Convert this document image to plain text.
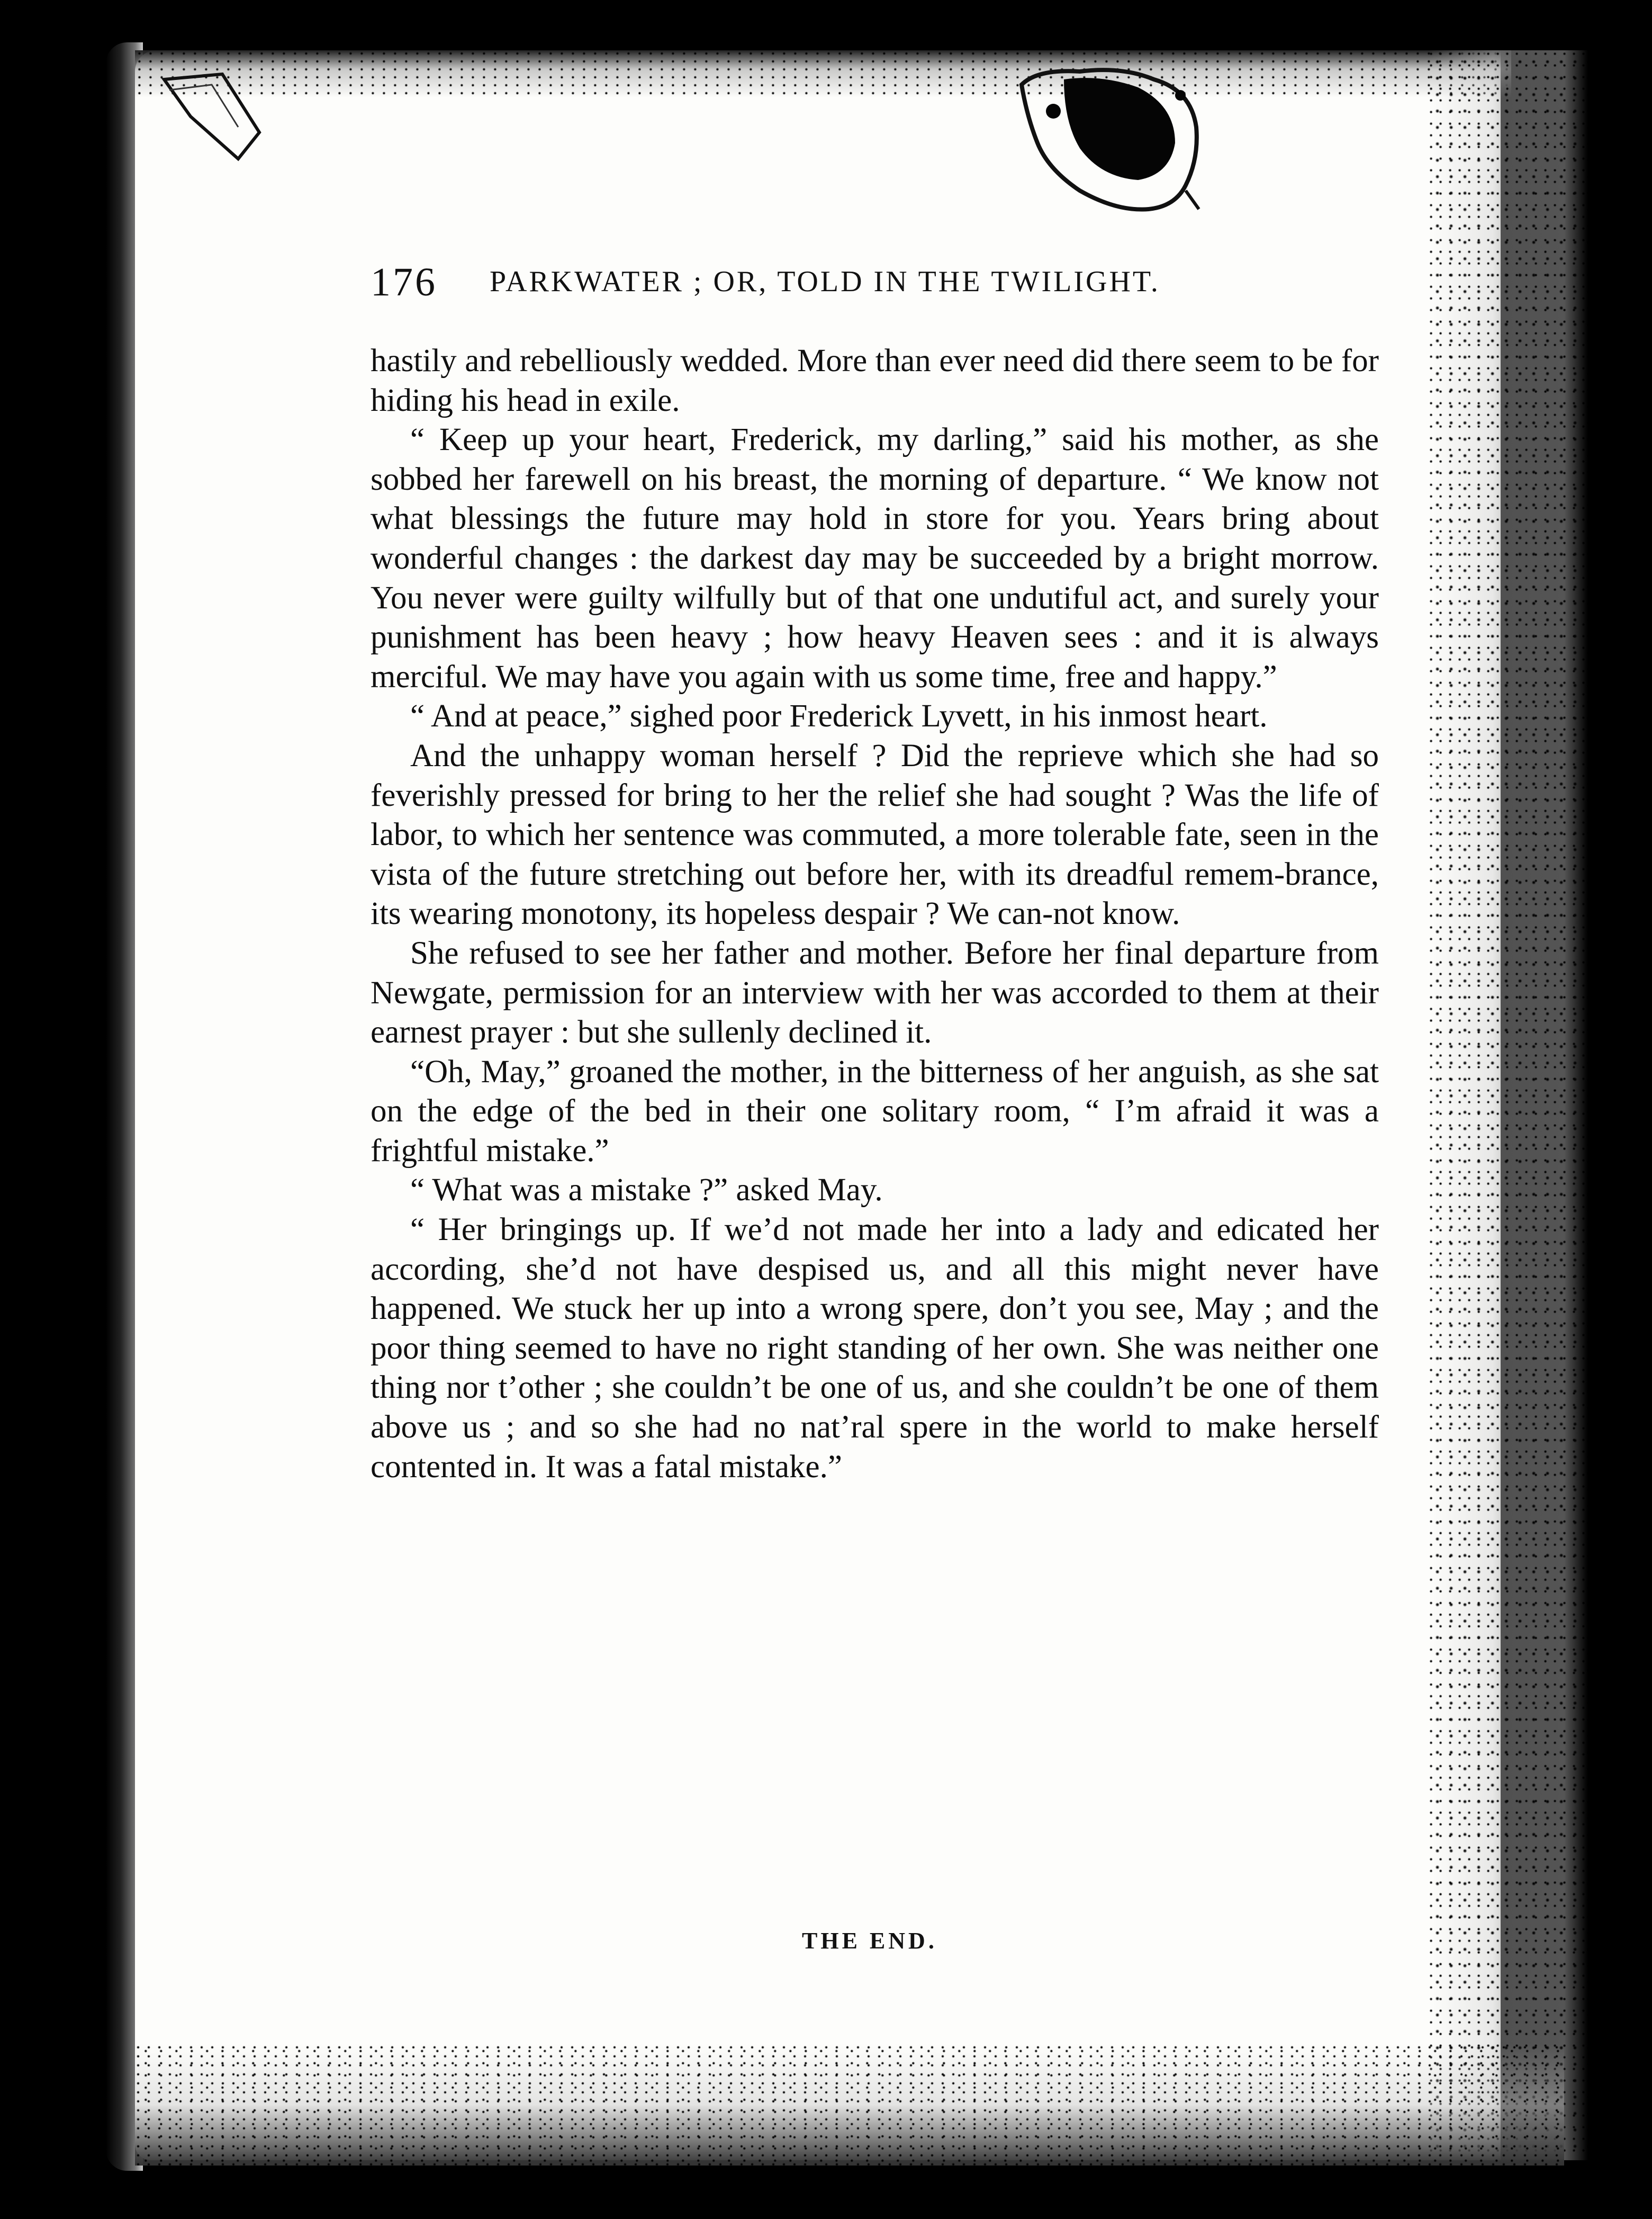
176 PARKWATER ; OR, TOLD IN THE TWILIGHT.

hastily and rebelliously wedded. More than ever need did there seem to be for hiding his head in exile.

“ Keep up your heart, Frederick, my darling,” said his mother, as she sobbed her farewell on his breast, the morning of departure. “ We know not what blessings the future may hold in store for you. Years bring about wonderful changes : the darkest day may be succeeded by a bright morrow. You never were guilty wilfully but of that one undutiful act, and surely your punishment has been heavy ; how heavy Heaven sees : and it is always merciful. We may have you again with us some time, free and happy.”

“ And at peace,” sighed poor Frederick Lyvett, in his inmost heart.

And the unhappy woman herself ? Did the reprieve which she had so feverishly pressed for bring to her the relief she had sought ? Was the life of labor, to which her sentence was commuted, a more tolerable fate, seen in the vista of the future stretching out before her, with its dreadful remem-brance, its wearing monotony, its hopeless despair ? We can-not know.

She refused to see her father and mother. Before her final departure from Newgate, permission for an interview with her was accorded to them at their earnest prayer : but she sullenly declined it.

“Oh, May,” groaned the mother, in the bitterness of her anguish, as she sat on the edge of the bed in their one solitary room, “ I’m afraid it was a frightful mistake.”

“ What was a mistake ?” asked May.

“ Her bringings up. If we’d not made her into a lady and edicated her according, she’d not have despised us, and all this might never have happened. We stuck her up into a wrong spere, don’t you see, May ; and the poor thing seemed to have no right standing of her own. She was neither one thing nor t’other ; she couldn’t be one of us, and she couldn’t be one of them above us ; and so she had no nat’ral spere in the world to make herself contented in. It was a fatal mistake.”

THE END.
